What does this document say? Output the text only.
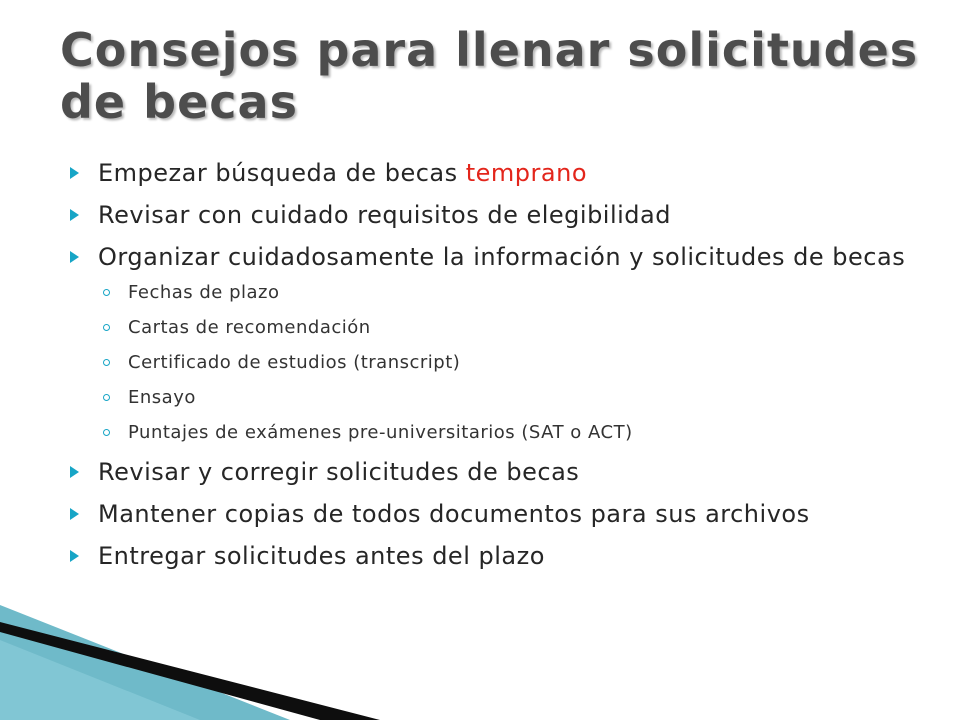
Consejos para llenar solicitudes de becas
Empezar búsqueda de becas temprano
Revisar con cuidado requisitos de elegibilidad
Organizar cuidadosamente la información y solicitudes de becas
Fechas de plazo
Cartas de recomendación
Certificado de estudios (transcript)
Ensayo
Puntajes de exámenes pre-universitarios (SAT o ACT)
Revisar y corregir solicitudes de becas
Mantener copias de todos documentos para sus archivos
Entregar solicitudes antes del plazo
